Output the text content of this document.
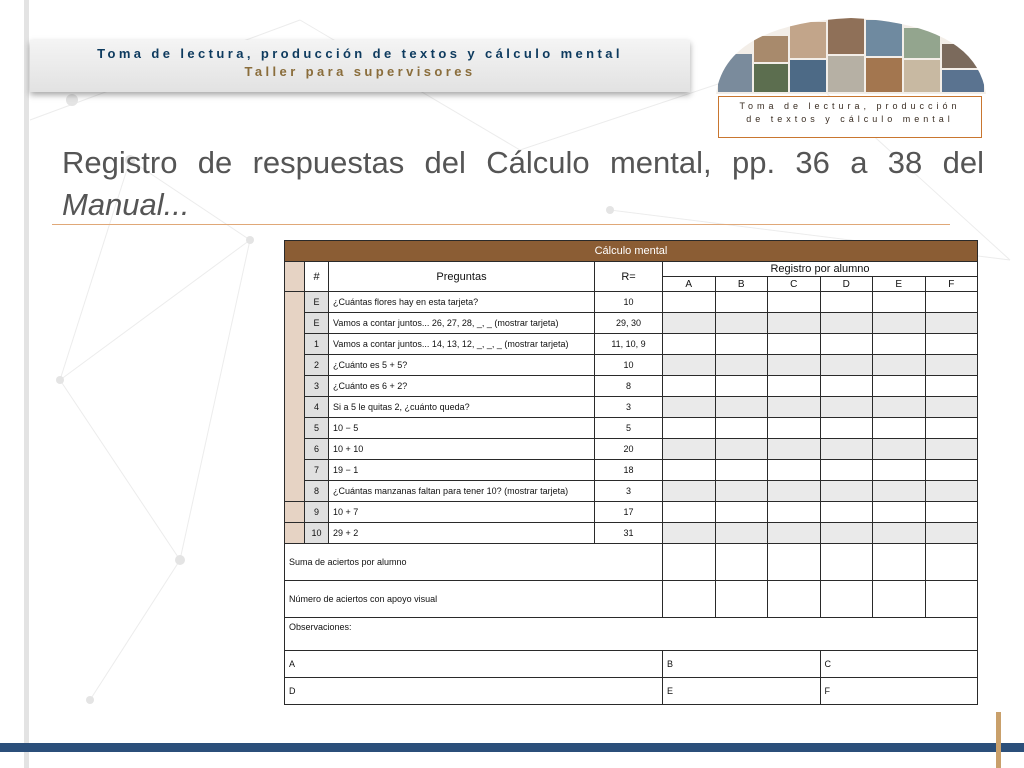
Toma de lectura, producción de textos y cálculo mental
Taller para supervisores
Toma de lectura, producción
de textos y cálculo mental
Registro de respuestas del Cálculo mental, pp. 36 a 38 del Manual...
Cálculo mental									
	#	Preguntas	R=	Registro por alumno					
				A	B	C	D	E	F
	E	¿Cuántas flores hay en esta tarjeta?	10						
	E	Vamos a contar juntos... 26, 27, 28, _, _ (mostrar tarjeta)	29, 30						
	1	Vamos a contar juntos... 14, 13, 12, _, _, _ (mostrar tarjeta)	11, 10, 9						
	2	¿Cuánto es 5 + 5?	10						
	3	¿Cuánto es 6 + 2?	8						
	4	Si a 5 le quitas 2, ¿cuánto queda?	3						
	5	10 − 5	5						
	6	10 + 10	20						
	7	19 − 1	18						
	8	¿Cuántas manzanas faltan para tener 10? (mostrar tarjeta)	3						
	9	10 + 7	17						
	10	29 + 2	31						
Suma de aciertos por alumno									
Número de aciertos con apoyo visual									
Observaciones:									
A				B			C		
D				E			F		
